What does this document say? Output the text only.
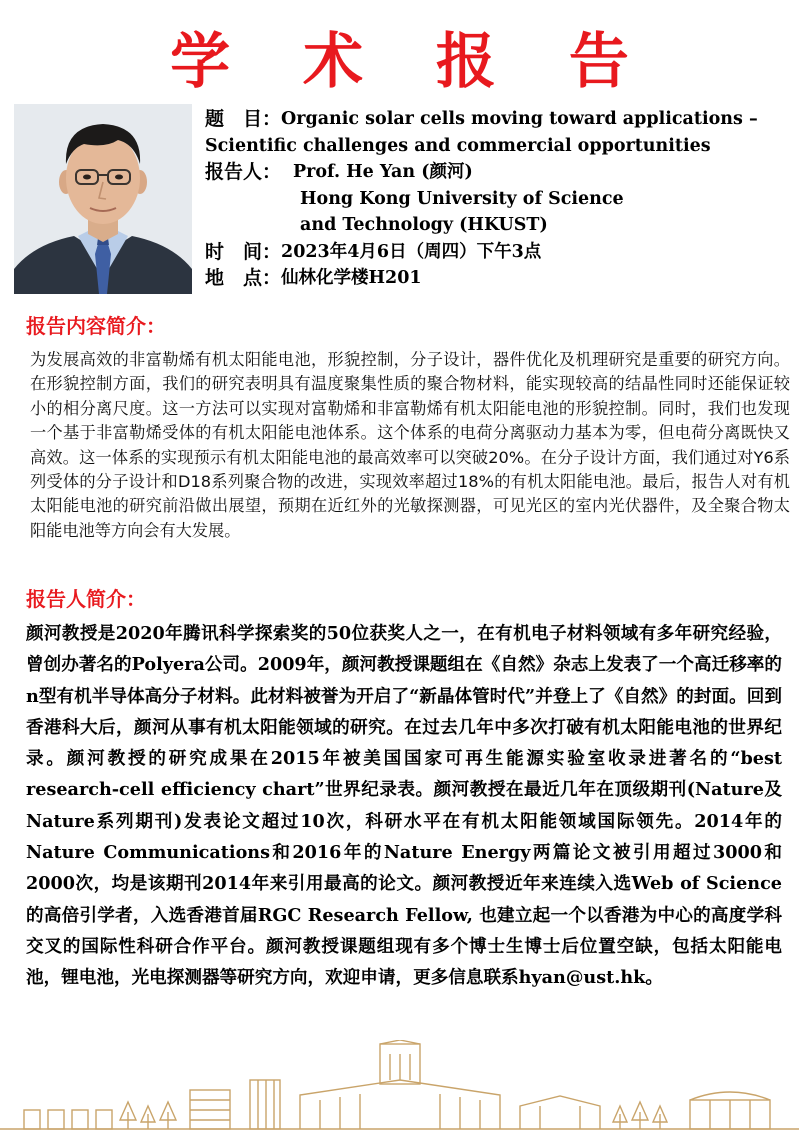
学 术 报 告
题　目： Organic solar cells moving toward applications –
Scientific challenges and commercial opportunities
报告人： Prof. He Yan (颜河)
Hong Kong University of Science
and Technology (HKUST)
时　间： 2023年4月6日（周四）下午3点
地　点： 仙林化学楼H201
报告内容简介：
为发展高效的非富勒烯有机太阳能电池，形貌控制，分子设计，器件优化及机理研究是重要的研究方向。在形貌控制方面，我们的研究表明具有温度聚集性质的聚合物材料，能实现较高的结晶性同时还能保证较小的相分离尺度。这一方法可以实现对富勒烯和非富勒烯有机太阳能电池的形貌控制。同时，我们也发现一个基于非富勒烯受体的有机太阳能电池体系。这个体系的电荷分离驱动力基本为零，但电荷分离既快又高效。这一体系的实现预示有机太阳能电池的最高效率可以突破20%。在分子设计方面，我们通过对Y6系列受体的分子设计和D18系列聚合物的改进，实现效率超过18%的有机太阳能电池。最后，报告人对有机太阳能电池的研究前沿做出展望，预期在近红外的光敏探测器，可见光区的室内光伏器件，及全聚合物太阳能电池等方向会有大发展。
报告人简介：
颜河教授是2020年腾讯科学探索奖的50位获奖人之一，在有机电子材料领域有多年研究经验，曾创办著名的Polyera公司。2009年，颜河教授课题组在《自然》杂志上发表了一个高迁移率的n型有机半导体高分子材料。此材料被誉为开启了“新晶体管时代”并登上了《自然》的封面。回到香港科大后，颜河从事有机太阳能领域的研究。在过去几年中多次打破有机太阳能电池的世界纪录。颜河教授的研究成果在2015年被美国国家可再生能源实验室收录进著名的“best research-cell efficiency chart”世界纪录表。颜河教授在最近几年在顶级期刊(Nature及Nature系列期刊)发表论文超过10次，科研水平在有机太阳能领域国际领先。2014年的Nature Communications和2016年的Nature Energy两篇论文被引用超过3000和2000次，均是该期刊2014年来引用最高的论文。颜河教授近年来连续入选Web of Science的高倍引学者，入选香港首届RGC Research Fellow, 也建立起一个以香港为中心的高度学科交叉的国际性科研合作平台。颜河教授课题组现有多个博士生博士后位置空缺，包括太阳能电池，锂电池，光电探测器等研究方向，欢迎申请，更多信息联系hyan@ust.hk。
